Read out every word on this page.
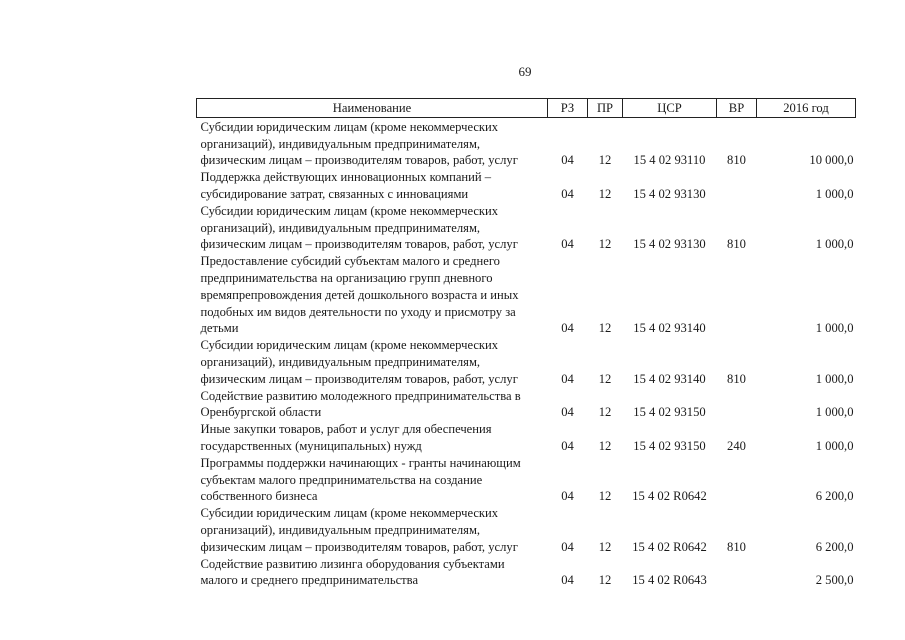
69
Наименование	РЗ	ПР	ЦСР	ВР	2016 год
Субсидии юридическим лицам (кроме некоммерческих организаций), индивидуальным предпринимателям, физическим лицам – производителям товаров, работ, услуг	04	12	15 4 02 93110	810	10 000,0
Поддержка действующих инновационных компаний – субсидирование затрат, связанных с инновациями	04	12	15 4 02 93130		1 000,0
Субсидии юридическим лицам (кроме некоммерческих организаций), индивидуальным предпринимателям, физическим лицам – производителям товаров, работ, услуг	04	12	15 4 02 93130	810	1 000,0
Предоставление субсидий субъектам малого и среднего предпринимательства на организацию групп дневного времяпрепровождения детей дошкольного возраста и иных подобных им видов деятельности по уходу и присмотру за детьми	04	12	15 4 02 93140		1 000,0
Субсидии юридическим лицам (кроме некоммерческих организаций), индивидуальным предпринимателям, физическим лицам – производителям товаров, работ, услуг	04	12	15 4 02 93140	810	1 000,0
Содействие развитию молодежного предпринимательства в Оренбургской области	04	12	15 4 02 93150		1 000,0
Иные закупки товаров, работ и услуг для обеспечения государственных (муниципальных) нужд	04	12	15 4 02 93150	240	1 000,0
Программы поддержки начинающих - гранты начинающим субъектам малого предпринимательства на создание собственного бизнеса	04	12	15 4 02 R0642		6 200,0
Субсидии юридическим лицам (кроме некоммерческих организаций), индивидуальным предпринимателям, физическим лицам – производителям товаров, работ, услуг	04	12	15 4 02 R0642	810	6 200,0
Содействие развитию лизинга оборудования субъектами малого и среднего предпринимательства	04	12	15 4 02 R0643		2 500,0
